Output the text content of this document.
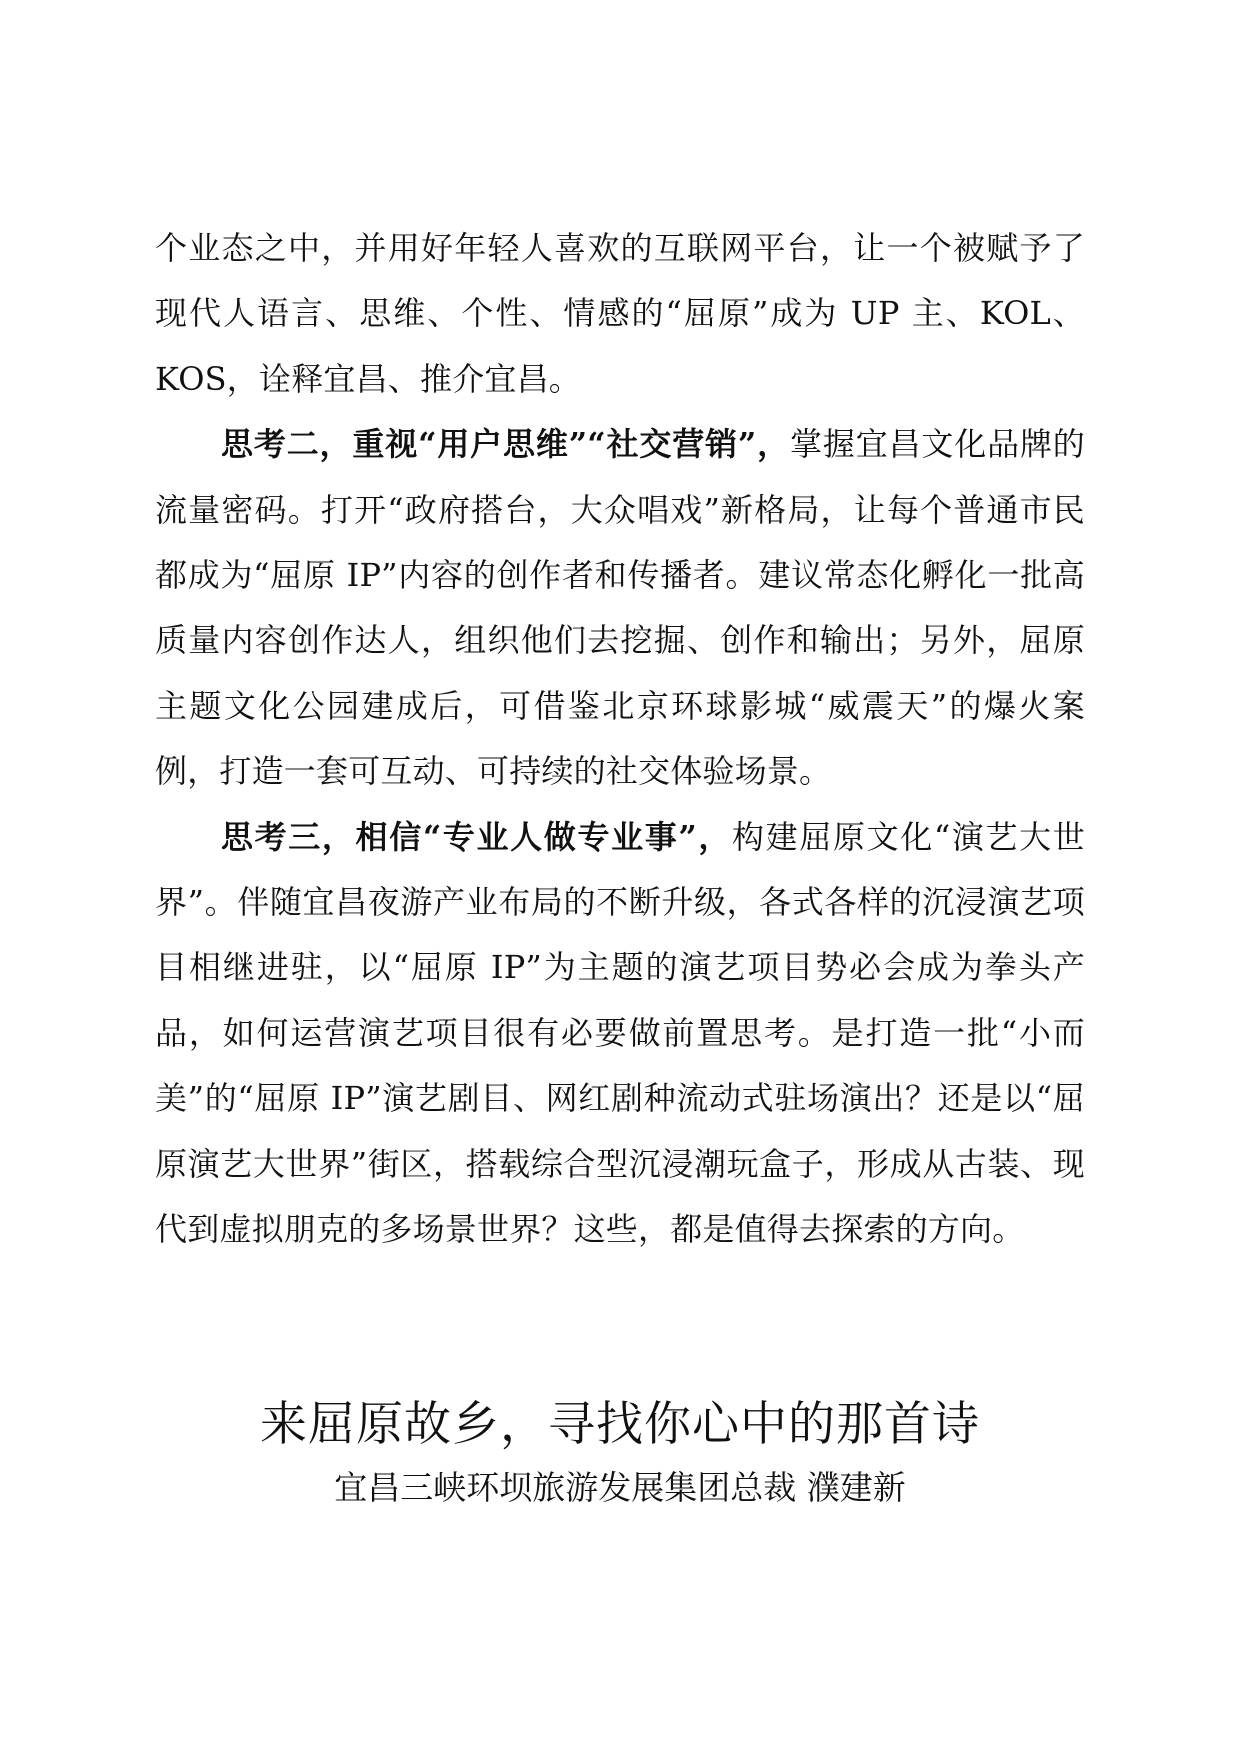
个业态之中，并用好年轻人喜欢的互联网平台，让一个被赋予了现代人语言、思维、个性、情感的“屈原”成为 UP 主、KOL、KOS，诠释宜昌、推介宜昌。

思考二，重视“用户思维”“社交营销”，掌握宜昌文化品牌的流量密码。打开“政府搭台，大众唱戏”新格局，让每个普通市民都成为“屈原 IP”内容的创作者和传播者。建议常态化孵化一批高质量内容创作达人，组织他们去挖掘、创作和输出；另外，屈原主题文化公园建成后，可借鉴北京环球影城“威震天”的爆火案例，打造一套可互动、可持续的社交体验场景。

思考三，相信“专业人做专业事”，构建屈原文化“演艺大世界”。伴随宜昌夜游产业布局的不断升级，各式各样的沉浸演艺项目相继进驻，以“屈原 IP”为主题的演艺项目势必会成为拳头产品，如何运营演艺项目很有必要做前置思考。是打造一批“小而美”的“屈原 IP”演艺剧目、网红剧种流动式驻场演出？还是以“屈原演艺大世界”街区，搭载综合型沉浸潮玩盒子，形成从古装、现代到虚拟朋克的多场景世界？这些，都是值得去探索的方向。

来屈原故乡，寻找你心中的那首诗

宜昌三峡环坝旅游发展集团总裁 濮建新
